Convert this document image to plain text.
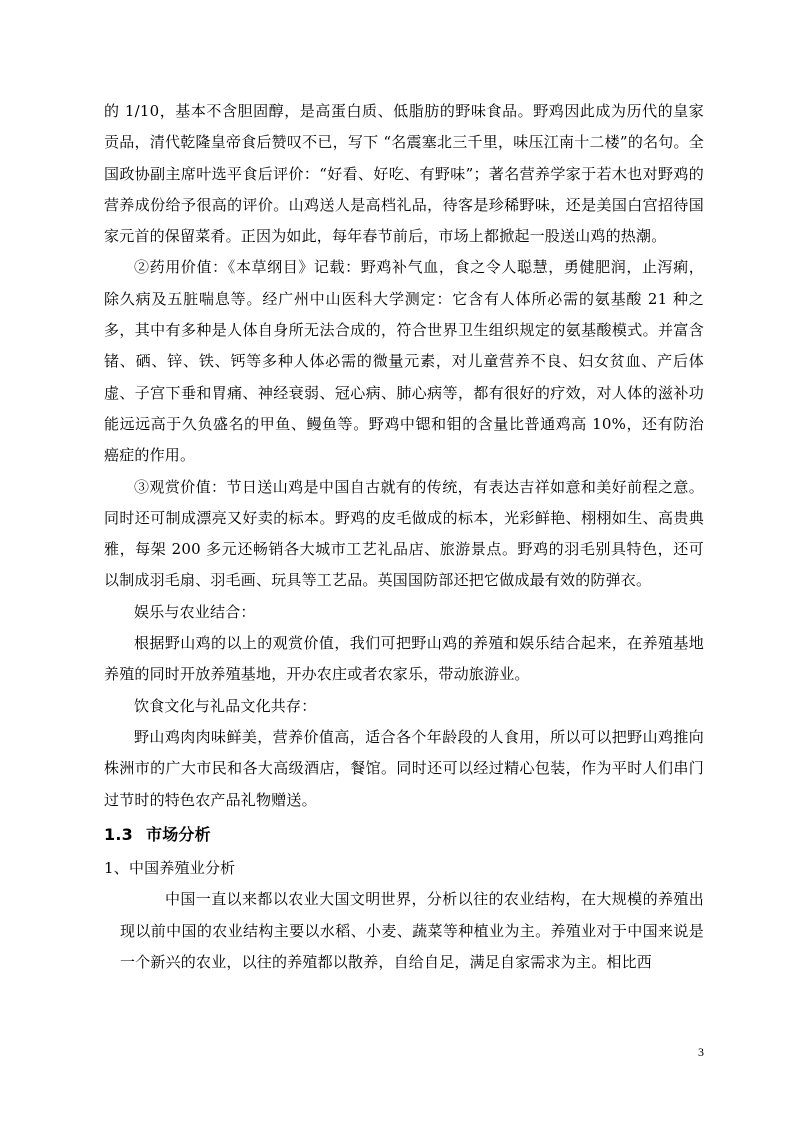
的 1/10，基本不含胆固醇，是高蛋白质、低脂肪的野味食品。野鸡因此成为历代的皇家贡品，清代乾隆皇帝食后赞叹不已，写下 “名震塞北三千里，味压江南十二楼”的名句。全国政协副主席叶选平食后评价：“好看、好吃、有野味”；著名营养学家于若木也对野鸡的营养成份给予很高的评价。山鸡送人是高档礼品，待客是珍稀野味，还是美国白宫招待国家元首的保留菜肴。正因为如此，每年春节前后，市场上都掀起一股送山鸡的热潮。

②药用价值：《本草纲目》记载：野鸡补气血，食之令人聪慧，勇健肥润，止泻痢，除久病及五脏喘息等。经广州中山医科大学测定：它含有人体所必需的氨基酸 21 种之多，其中有多种是人体自身所无法合成的，符合世界卫生组织规定的氨基酸模式。并富含锗、硒、锌、铁、钙等多种人体必需的微量元素，对儿童营养不良、妇女贫血、产后体虚、子宫下垂和胃痛、神经衰弱、冠心病、肺心病等，都有很好的疗效，对人体的滋补功能远远高于久负盛名的甲鱼、鳗鱼等。野鸡中锶和钼的含量比普通鸡高 10%，还有防治癌症的作用。

③观赏价值：节日送山鸡是中国自古就有的传统，有表达吉祥如意和美好前程之意。同时还可制成漂亮又好卖的标本。野鸡的皮毛做成的标本，光彩鲜艳、栩栩如生、高贵典雅，每架 200 多元还畅销各大城市工艺礼品店、旅游景点。野鸡的羽毛别具特色，还可以制成羽毛扇、羽毛画、玩具等工艺品。英国国防部还把它做成最有效的防弹衣。

娱乐与农业结合：

根据野山鸡的以上的观赏价值，我们可把野山鸡的养殖和娱乐结合起来，在养殖基地养殖的同时开放养殖基地，开办农庄或者农家乐，带动旅游业。

饮食文化与礼品文化共存：

野山鸡肉肉味鲜美，营养价值高，适合各个年龄段的人食用，所以可以把野山鸡推向株洲市的广大市民和各大高级酒店，餐馆。同时还可以经过精心包装，作为平时人们串门过节时的特色农产品礼物赠送。

1.3 市场分析

1、中国养殖业分析

中国一直以来都以农业大国文明世界，分析以往的农业结构，在大规模的养殖出现以前中国的农业结构主要以水稻、小麦、蔬菜等种植业为主。养殖业对于中国来说是一个新兴的农业，以往的养殖都以散养，自给自足，满足自家需求为主。相比西

3
